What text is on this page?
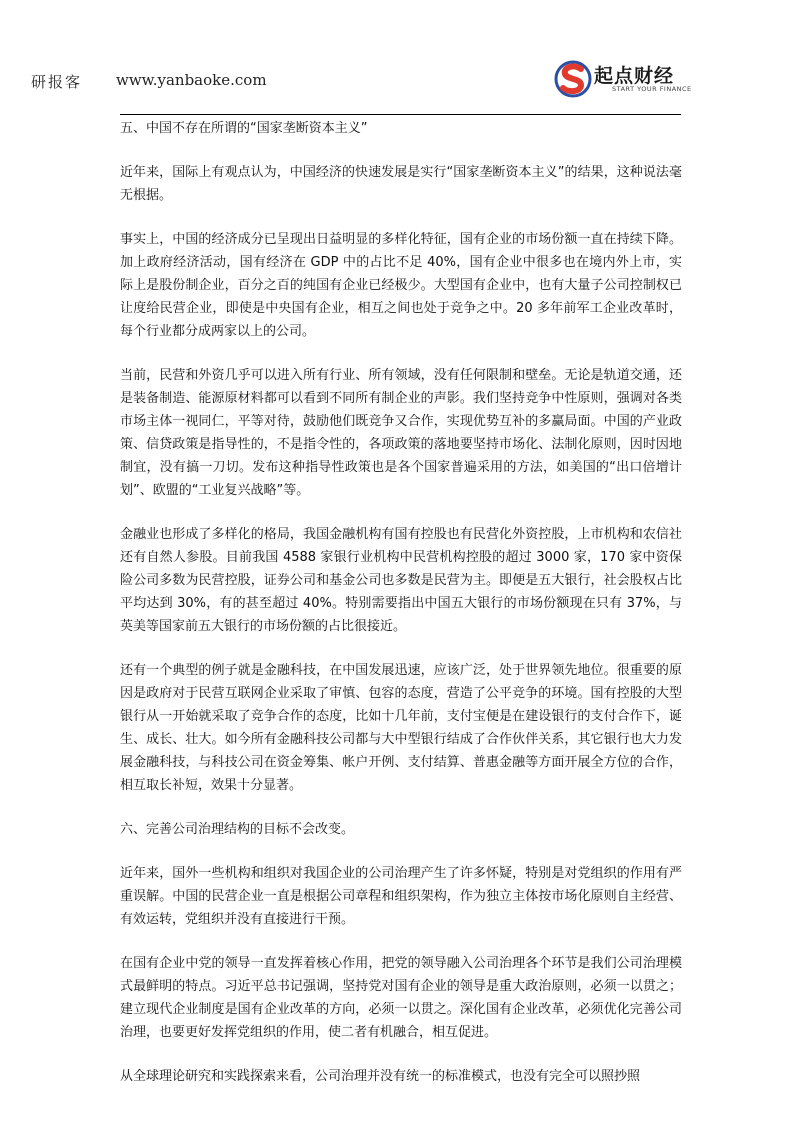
研报客 www.yanbaoke.com	起点财经
START YOUR FINANCE

五、中国不存在所谓的“国家垄断资本主义”

近年来，国际上有观点认为，中国经济的快速发展是实行“国家垄断资本主义”的结果，这种说法毫无根据。

事实上，中国的经济成分已呈现出日益明显的多样化特征，国有企业的市场份额一直在持续下降。加上政府经济活动，国有经济在 GDP 中的占比不足 40%，国有企业中很多也在境内外上市，实际上是股份制企业，百分之百的纯国有企业已经极少。大型国有企业中，也有大量子公司控制权已让度给民营企业，即使是中央国有企业，相互之间也处于竞争之中。20 多年前军工企业改革时，每个行业都分成两家以上的公司。

当前，民营和外资几乎可以进入所有行业、所有领域，没有任何限制和壁垒。无论是轨道交通，还是装备制造、能源原材料都可以看到不同所有制企业的声影。我们坚持竞争中性原则，强调对各类市场主体一视同仁，平等对待，鼓励他们既竞争又合作，实现优势互补的多赢局面。中国的产业政策、信贷政策是指导性的，不是指令性的，各项政策的落地要坚持市场化、法制化原则，因时因地制宜，没有搞一刀切。发布这种指导性政策也是各个国家普遍采用的方法，如美国的“出口倍增计划”、欧盟的“工业复兴战略”等。

金融业也形成了多样化的格局，我国金融机构有国有控股也有民营化外资控股，上市机构和农信社还有自然人参股。目前我国 4588 家银行业机构中民营机构控股的超过 3000 家，170 家中资保险公司多数为民营控股，证券公司和基金公司也多数是民营为主。即便是五大银行，社会股权占比平均达到 30%，有的甚至超过 40%。特别需要指出中国五大银行的市场份额现在只有 37%，与英美等国家前五大银行的市场份额的占比很接近。

还有一个典型的例子就是金融科技，在中国发展迅速，应该广泛，处于世界领先地位。很重要的原因是政府对于民营互联网企业采取了审慎、包容的态度，营造了公平竞争的环境。国有控股的大型银行从一开始就采取了竞争合作的态度，比如十几年前，支付宝便是在建设银行的支付合作下，诞生、成长、壮大。如今所有金融科技公司都与大中型银行结成了合作伙伴关系，其它银行也大力发展金融科技，与科技公司在资金筹集、帐户开例、支付结算、普惠金融等方面开展全方位的合作，相互取长补短，效果十分显著。

六、完善公司治理结构的目标不会改变。

近年来，国外一些机构和组织对我国企业的公司治理产生了许多怀疑，特别是对党组织的作用有严重误解。中国的民营企业一直是根据公司章程和组织架构，作为独立主体按市场化原则自主经营、有效运转，党组织并没有直接进行干预。

在国有企业中党的领导一直发挥着核心作用，把党的领导融入公司治理各个环节是我们公司治理模式最鲜明的特点。习近平总书记强调，坚持党对国有企业的领导是重大政治原则，必须一以贯之；建立现代企业制度是国有企业改革的方向，必须一以贯之。深化国有企业改革，必须优化完善公司治理，也要更好发挥党组织的作用，使二者有机融合，相互促进。

从全球理论研究和实践探索来看，公司治理并没有统一的标准模式，也没有完全可以照抄照
